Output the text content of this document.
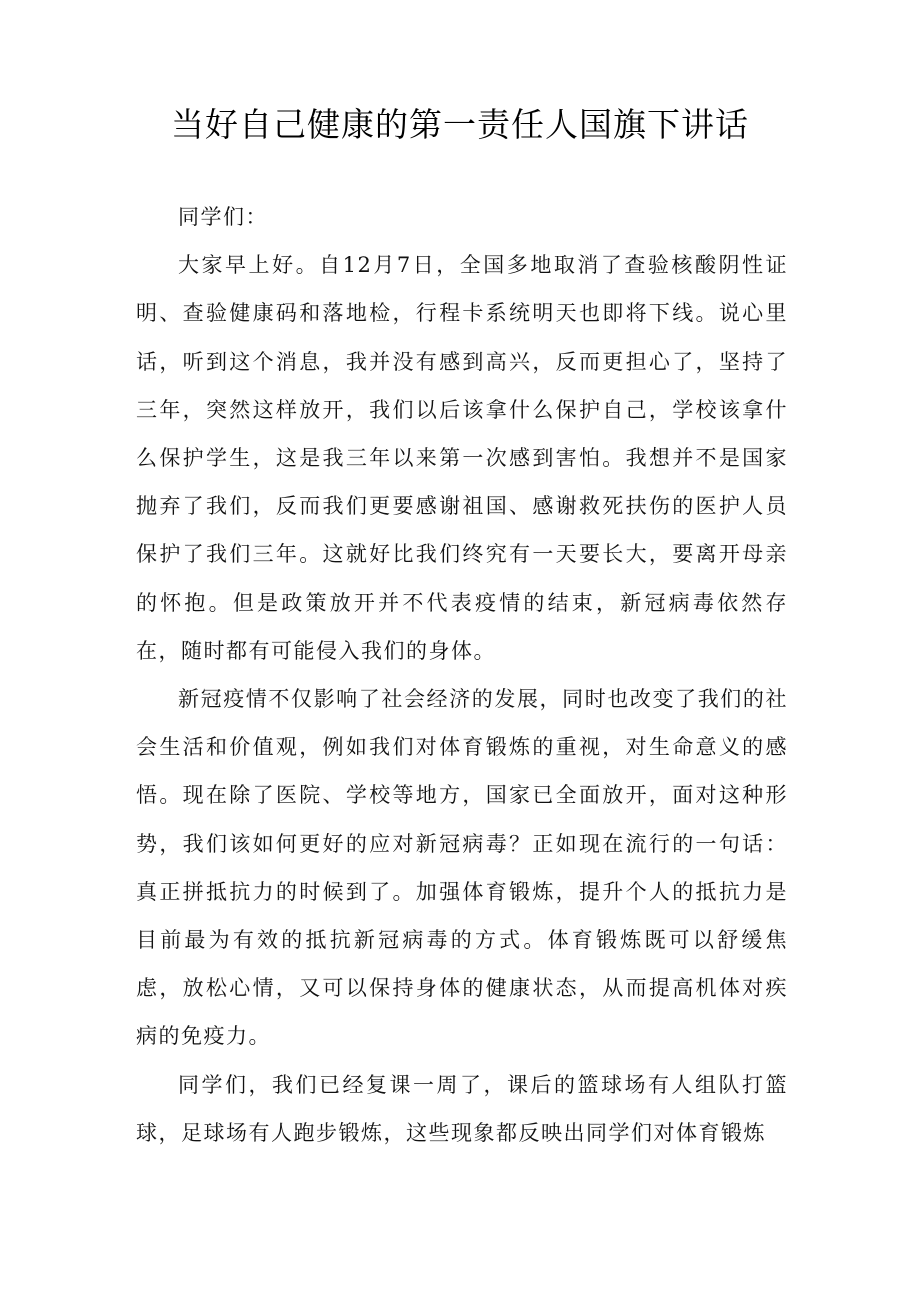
当好自己健康的第一责任人国旗下讲话

同学们：

大家早上好。自12月7日，全国多地取消了查验核酸阴性证明、查验健康码和落地检，行程卡系统明天也即将下线。说心里话，听到这个消息，我并没有感到高兴，反而更担心了，坚持了三年，突然这样放开，我们以后该拿什么保护自己，学校该拿什么保护学生，这是我三年以来第一次感到害怕。我想并不是国家抛弃了我们，反而我们更要感谢祖国、感谢救死扶伤的医护人员保护了我们三年。这就好比我们终究有一天要长大，要离开母亲的怀抱。但是政策放开并不代表疫情的结束，新冠病毒依然存在，随时都有可能侵入我们的身体。

新冠疫情不仅影响了社会经济的发展，同时也改变了我们的社会生活和价值观，例如我们对体育锻炼的重视，对生命意义的感悟。现在除了医院、学校等地方，国家已全面放开，面对这种形势，我们该如何更好的应对新冠病毒？正如现在流行的一句话：真正拼抵抗力的时候到了。加强体育锻炼，提升个人的抵抗力是目前最为有效的抵抗新冠病毒的方式。体育锻炼既可以舒缓焦虑，放松心情，又可以保持身体的健康状态，从而提高机体对疾病的免疫力。

同学们，我们已经复课一周了，课后的篮球场有人组队打篮球，足球场有人跑步锻炼，这些现象都反映出同学们对体育锻炼
